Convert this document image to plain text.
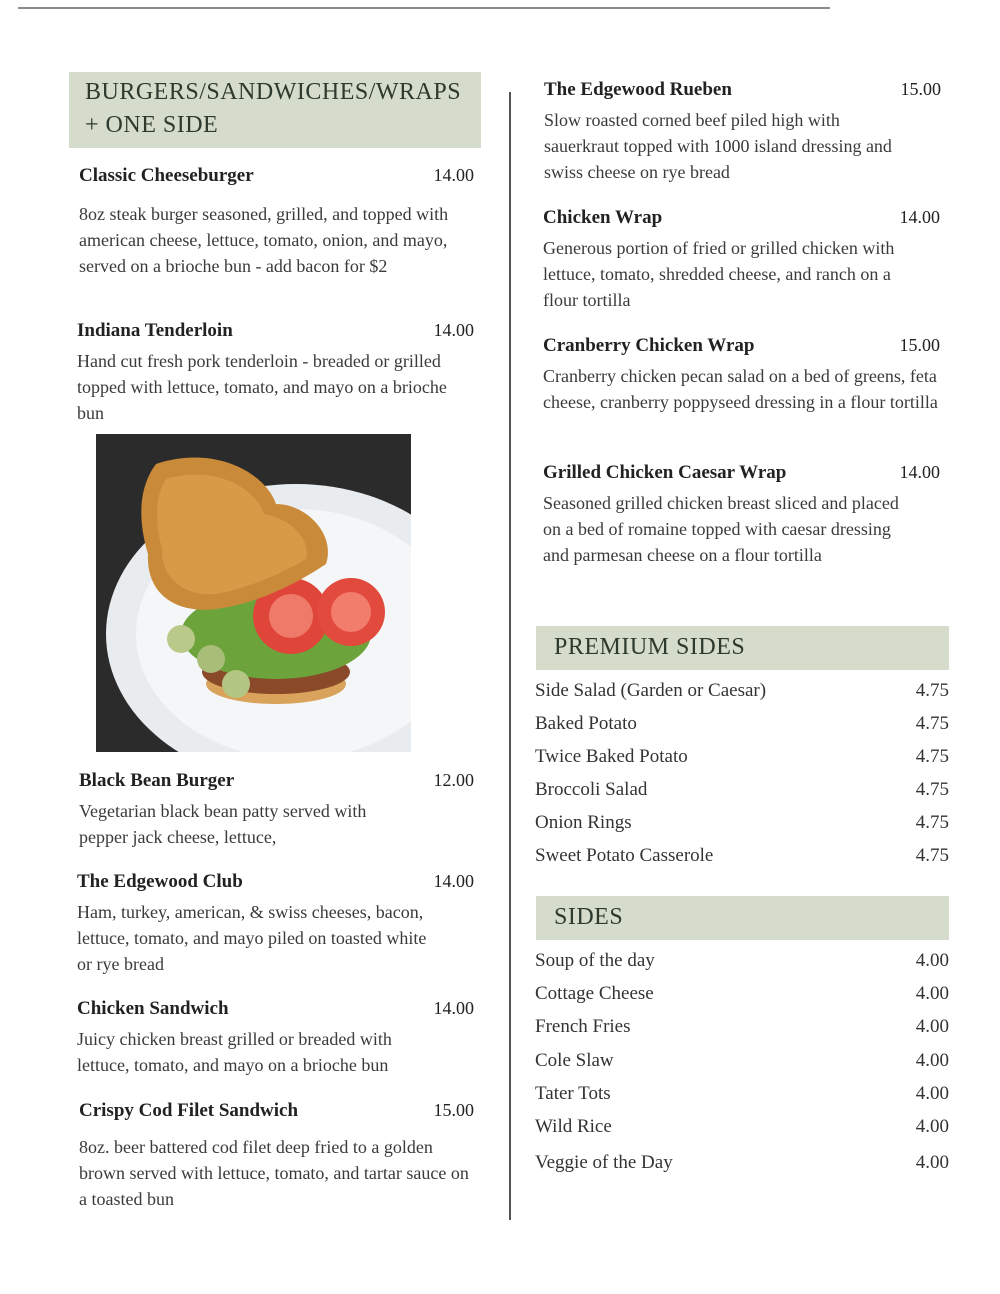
BURGERS/SANDWICHES/WRAPS + ONE SIDE
Classic Cheeseburger	14.00
8oz steak burger seasoned, grilled, and topped with american cheese, lettuce, tomato, onion, and mayo, served on a brioche bun - add bacon for $2
Indiana Tenderloin	14.00
Hand cut fresh pork tenderloin - breaded or grilled topped with lettuce, tomato, and mayo on a brioche bun
Black Bean Burger	12.00
Vegetarian black bean patty served with pepper jack cheese, lettuce,
The Edgewood Club	14.00
Ham, turkey, american, & swiss cheeses, bacon, lettuce, tomato, and mayo piled on toasted white or rye bread
Chicken Sandwich	14.00
Juicy chicken breast grilled or breaded with lettuce, tomato, and mayo on a brioche bun
Crispy Cod Filet Sandwich	15.00
8oz. beer battered cod filet deep fried to a golden brown served with lettuce, tomato, and tartar sauce on a toasted bun
The Edgewood Rueben	15.00
Slow roasted corned beef piled high with sauerkraut topped with 1000 island dressing and swiss cheese on rye bread
Chicken Wrap	14.00
Generous portion of fried or grilled chicken with lettuce, tomato, shredded cheese, and ranch on a flour tortilla
Cranberry Chicken Wrap	15.00
Cranberry chicken pecan salad on a bed of greens, feta cheese, cranberry poppyseed dressing in a flour tortilla
Grilled Chicken Caesar Wrap	14.00
Seasoned grilled chicken breast sliced and placed on a bed of romaine topped with caesar dressing and parmesan cheese on a flour tortilla
PREMIUM SIDES
Side Salad (Garden or Caesar)	4.75
Baked Potato	4.75
Twice Baked Potato	4.75
Broccoli Salad	4.75
Onion Rings	4.75
Sweet Potato Casserole	4.75
SIDES
Soup of the day	4.00
Cottage Cheese	4.00
French Fries	4.00
Cole Slaw	4.00
Tater Tots	4.00
Wild Rice	4.00
Veggie of the Day	4.00
